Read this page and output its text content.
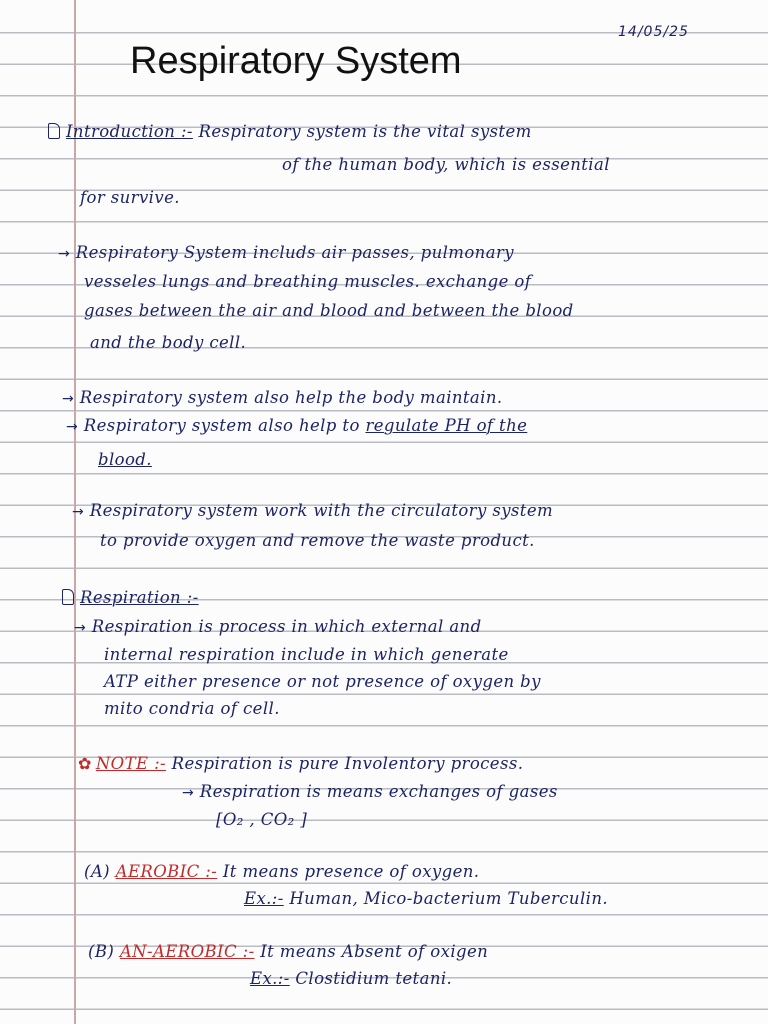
14/05/25
Respiratory System
Introduction :- Respiratory system is the vital system
of the human body, which is essential
for survive.
→ Respiratory System includs air passes, pulmonary
vesseles lungs and breathing muscles. exchange of
gases between the air and blood and between the blood
and the body cell.
→ Respiratory system also help the body maintain.
→ Respiratory system also help to regulate PH of the
blood.
→ Respiratory system work with the circulatory system
to provide oxygen and remove the waste product.
Respiration :-
→ Respiration is process in which external and
internal respiration include in which generate
ATP either presence or not presence of oxygen by
mito condria of cell.
✿ NOTE :- Respiration is pure Involentory process.
→ Respiration is means exchanges of gases
[O₂ , CO₂ ]
(A) AEROBIC :- It means presence of oxygen.
Ex.:- Human, Mico-bacterium Tuberculin.
(B) AN-AEROBIC :- It means Absent of oxigen
Ex.:- Clostidium tetani.
